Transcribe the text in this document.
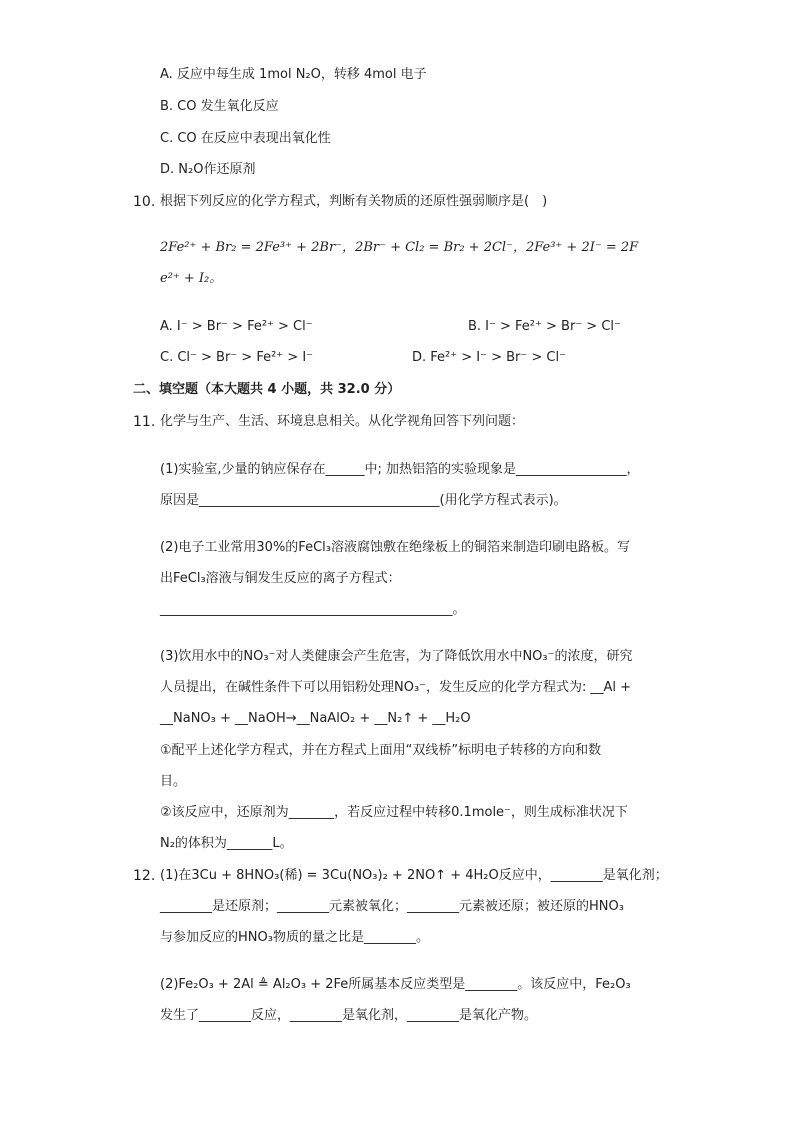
A. 反应中每生成 1mol N₂O，转移 4mol 电子
B. CO 发生氧化反应
C. CO 在反应中表现出氧化性
D. N₂O作还原剂
10. 根据下列反应的化学方程式，判断有关物质的还原性强弱顺序是(　)
2Fe²⁺ + Br₂ = 2Fe³⁺ + 2Br⁻，2Br⁻ + Cl₂ = Br₂ + 2Cl⁻，2Fe³⁺ + 2I⁻ = 2F
e²⁺ + I₂。
A. I⁻ > Br⁻ > Fe²⁺ > Cl⁻	B. I⁻ > Fe²⁺ > Br⁻ > Cl⁻
C. Cl⁻ > Br⁻ > Fe²⁺ > I⁻	D. Fe²⁺ > I⁻ > Br⁻ > Cl⁻
二、填空题（本大题共 4 小题，共 32.0 分）
11. 化学与生产、生活、环境息息相关。从化学视角回答下列问题：
(1)实验室,少量的钠应保存在______中; 加热铝箔的实验现象是_________________，
原因是_____________________________________(用化学方程式表示)。
(2)电子工业常用30%的FeCl₃溶液腐蚀敷在绝缘板上的铜箔来制造印刷电路板。写
出FeCl₃溶液与铜发生反应的离子方程式：
_____________________________________________。
(3)饮用水中的NO₃⁻对人类健康会产生危害，为了降低饮用水中NO₃⁻的浓度，研究
人员提出，在碱性条件下可以用铝粉处理NO₃⁻，发生反应的化学方程式为: __Al +
__NaNO₃ + __NaOH→__NaAlO₂ + __N₂↑ + __H₂O
①配平上述化学方程式，并在方程式上面用“双线桥”标明电子转移的方向和数
目。
②该反应中，还原剂为_______，若反应过程中转移0.1mole⁻，则生成标准状况下
N₂的体积为_______L。
12. (1)在3Cu + 8HNO₃(稀) = 3Cu(NO₃)₂ + 2NO↑ + 4H₂O反应中，________是氧化剂；
________是还原剂；________元素被氧化；________元素被还原；被还原的HNO₃
与参加反应的HNO₃物质的量之比是________。
(2)Fe₂O₃ + 2Al ≜ Al₂O₃ + 2Fe所属基本反应类型是________。该反应中，Fe₂O₃
发生了________反应，________是氧化剂，________是氧化产物。
